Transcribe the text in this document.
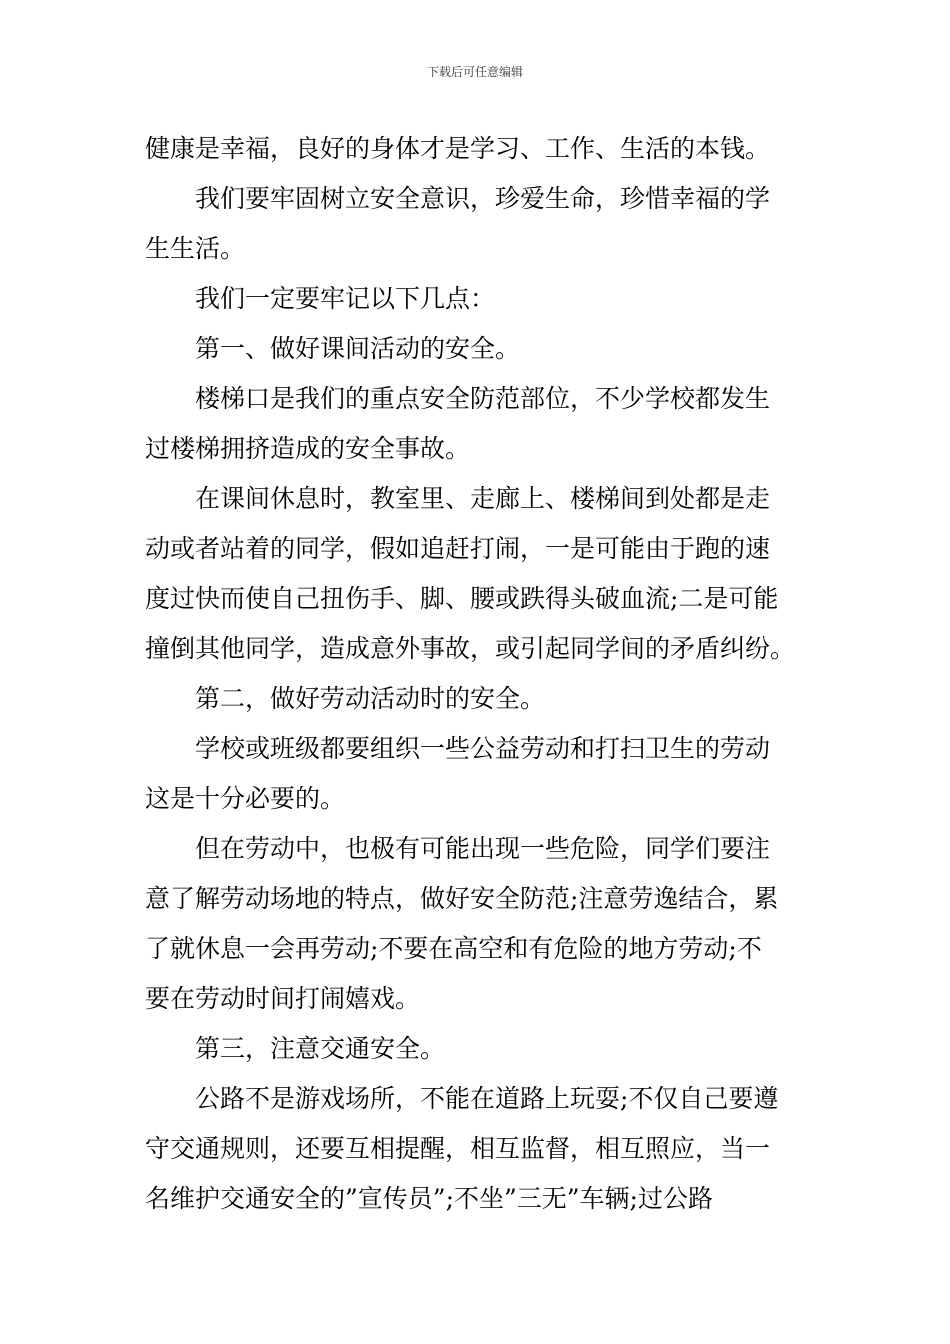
下载后可任意编辑
健康是幸福，良好的身体才是学习、工作、生活的本钱。
我们要牢固树立安全意识，珍爱生命，珍惜幸福的学
生生活。
我们一定要牢记以下几点：
第一、做好课间活动的安全。
楼梯口是我们的重点安全防范部位，不少学校都发生
过楼梯拥挤造成的安全事故。
在课间休息时，教室里、走廊上、楼梯间到处都是走
动或者站着的同学，假如追赶打闹，一是可能由于跑的速
度过快而使自己扭伤手、脚、腰或跌得头破血流;二是可能
撞倒其他同学，造成意外事故，或引起同学间的矛盾纠纷。
第二，做好劳动活动时的安全。
学校或班级都要组织一些公益劳动和打扫卫生的劳动
这是十分必要的。
但在劳动中，也极有可能出现一些危险，同学们要注
意了解劳动场地的特点，做好安全防范;注意劳逸结合，累
了就休息一会再劳动;不要在高空和有危险的地方劳动;不
要在劳动时间打闹嬉戏。
第三，注意交通安全。
公路不是游戏场所，不能在道路上玩耍;不仅自己要遵
守交通规则，还要互相提醒，相互监督，相互照应，当一
名维护交通安全的”宣传员”;不坐”三无”车辆;过公路
